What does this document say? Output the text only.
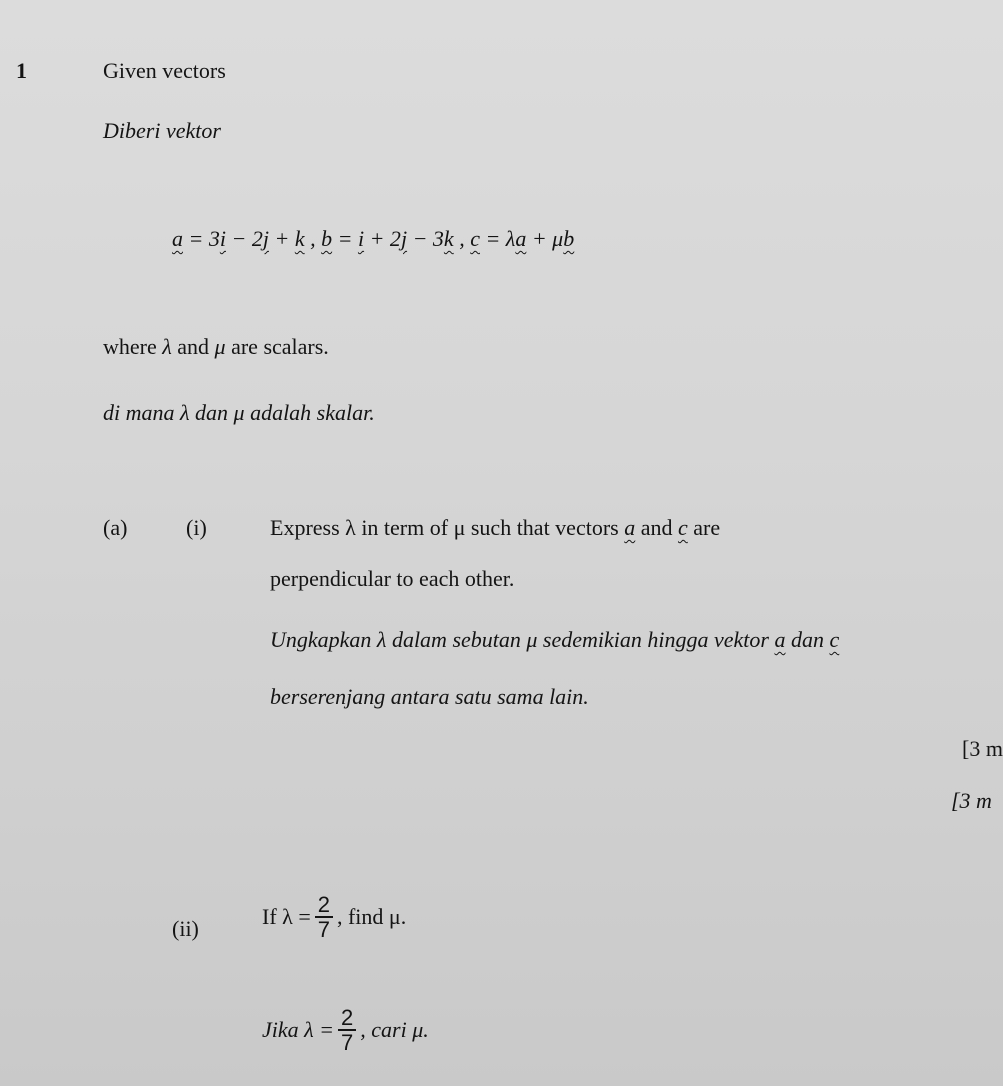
1	Given vectors
Diberi vektor
a = 3i − 2j + k , b = i + 2j − 3k , c = λa + μb
where λ and μ are scalars.
di mana λ dan μ adalah skalar.
(a)	(i)	Express λ in term of μ such that vectors a and c are
perpendicular to each other.
Ungkapkan λ dalam sebutan μ sedemikian hingga vektor a dan c
berserenjang antara satu sama lain.
[3 m
[3 m
(ii)	If $\lambda = \frac{2}{7}$ , find μ.
Jika $\lambda = \frac{2}{7}$ , cari μ.
